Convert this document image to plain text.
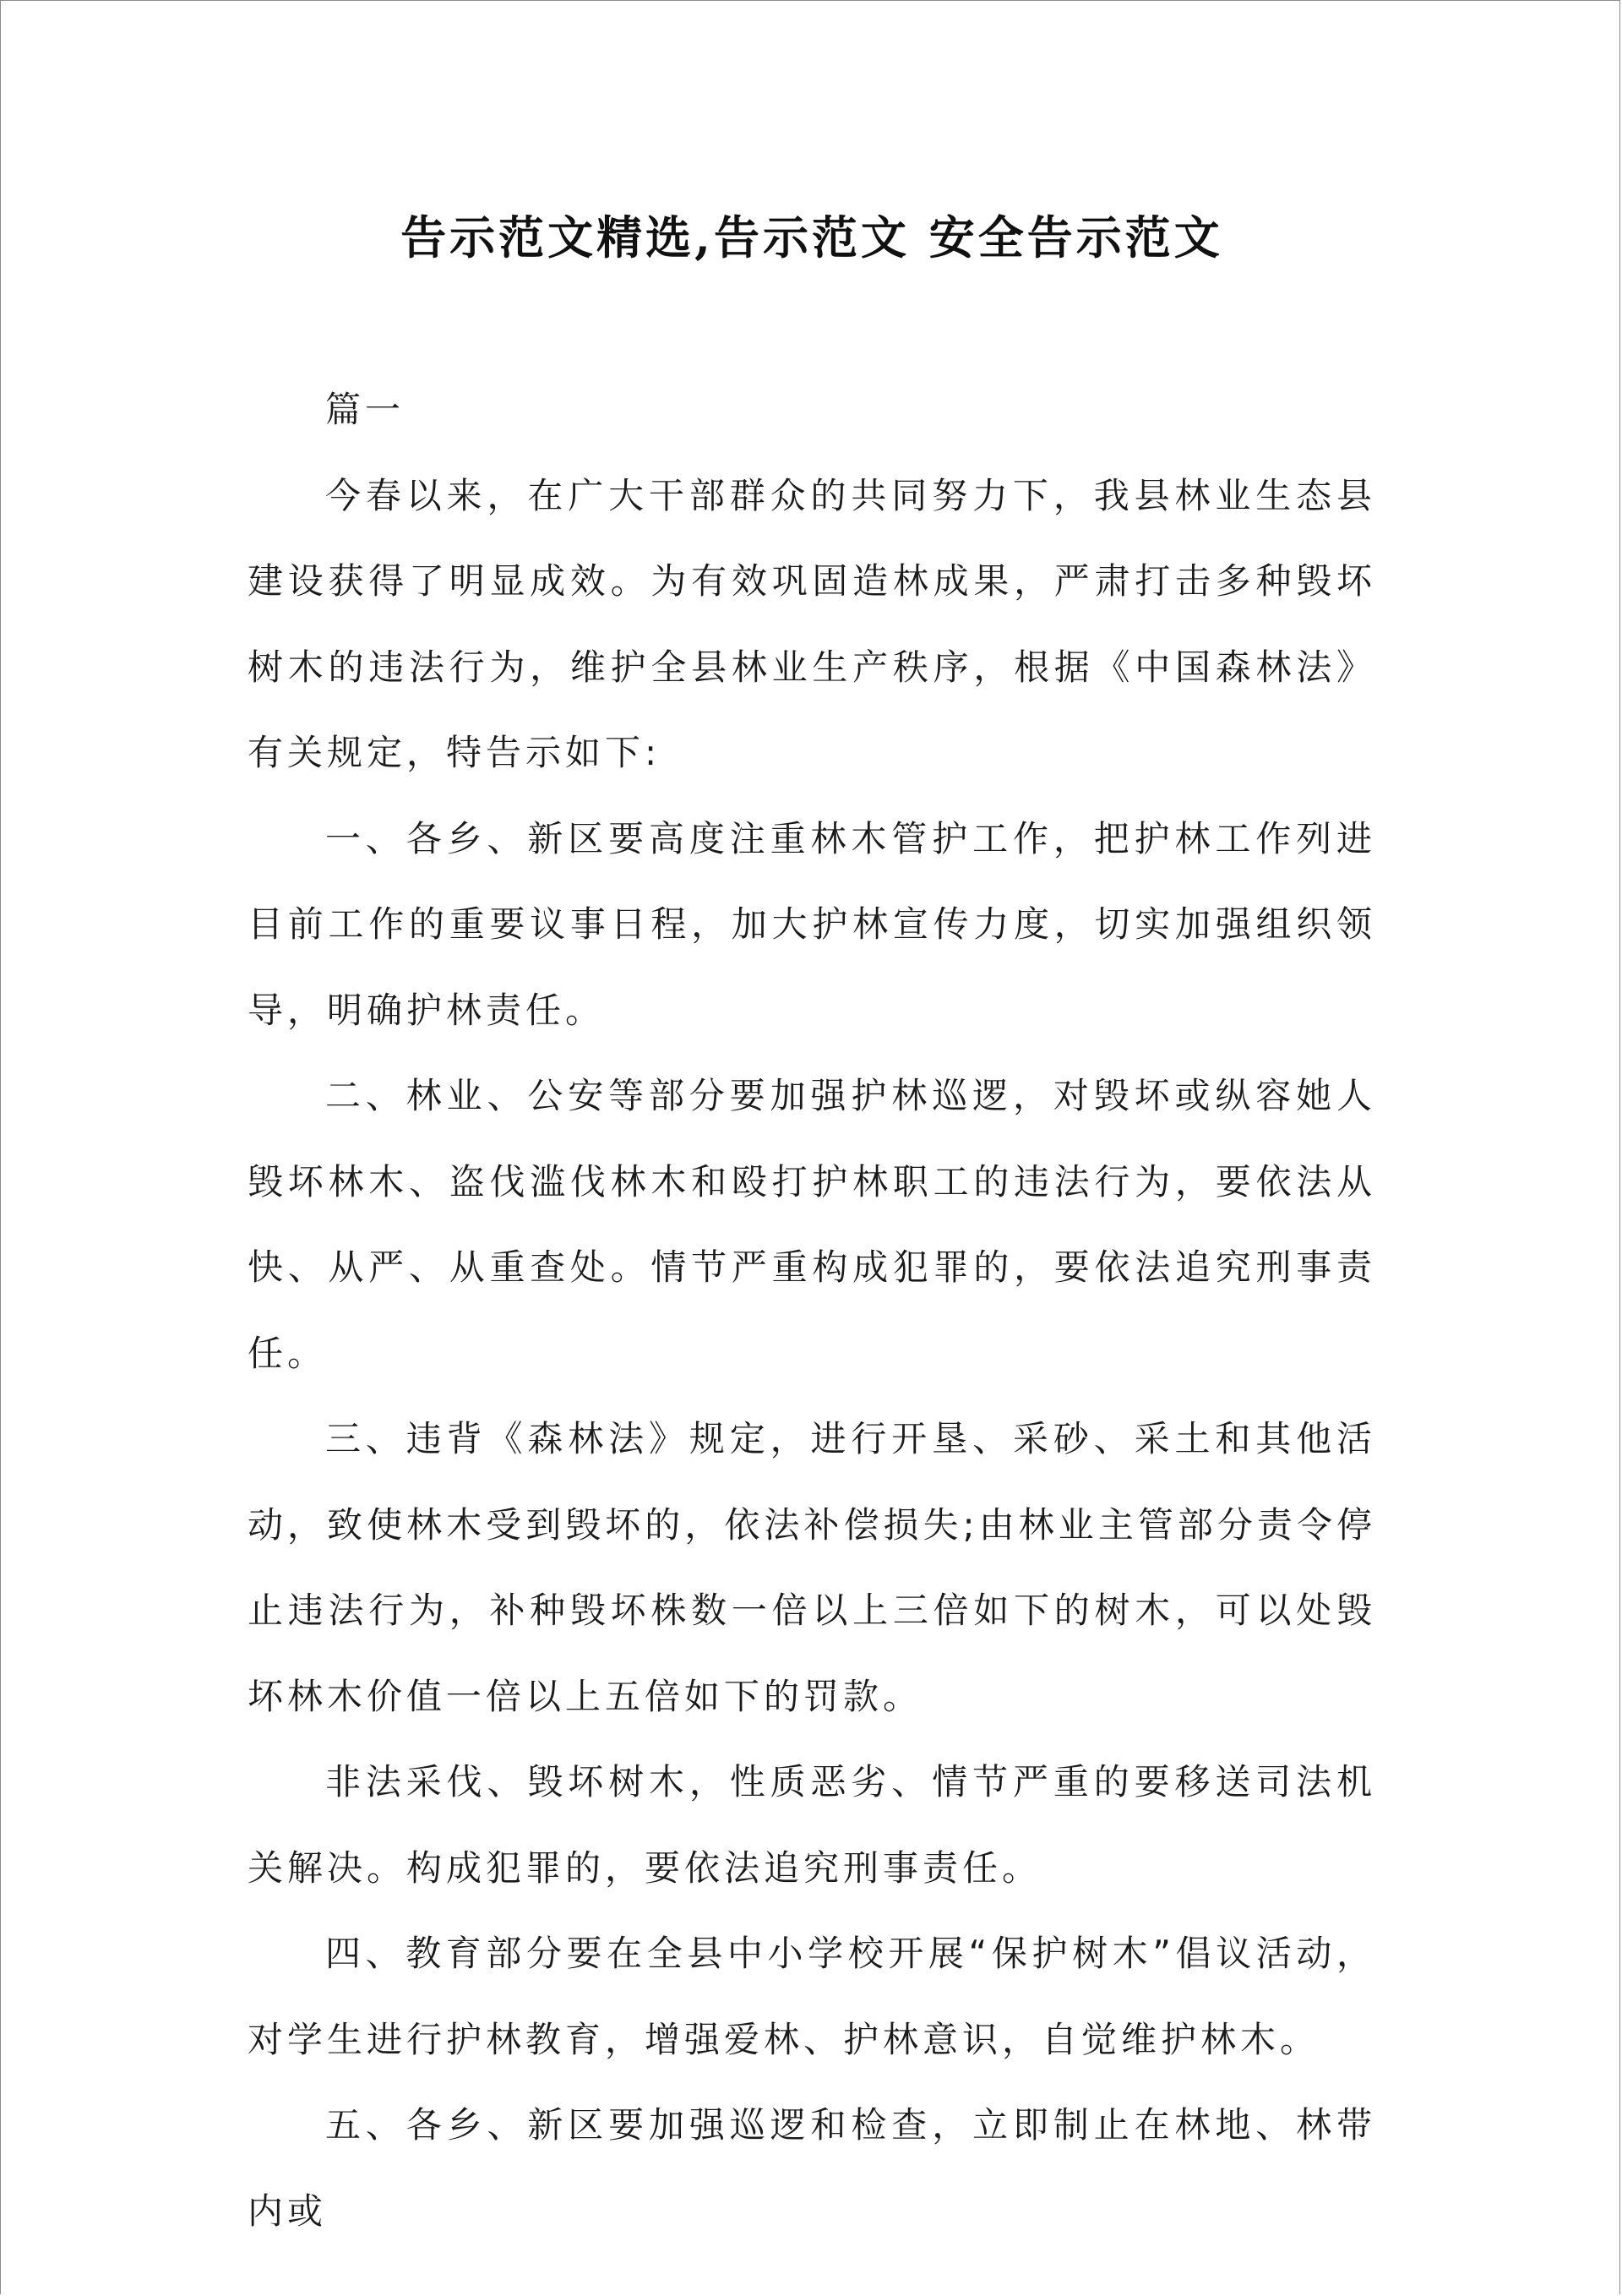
告示范文精选,告示范文 安全告示范文

篇一

今春以来，在广大干部群众的共同努力下，我县林业生态县建设获得了明显成效。为有效巩固造林成果，严肃打击多种毁坏树木的违法行为，维护全县林业生产秩序，根据《中国森林法》有关规定，特告示如下:

一、各乡、新区要高度注重林木管护工作，把护林工作列进目前工作的重要议事日程，加大护林宣传力度，切实加强组织领导，明确护林责任。

二、林业、公安等部分要加强护林巡逻，对毁坏或纵容她人毁坏林木、盗伐滥伐林木和殴打护林职工的违法行为，要依法从快、从严、从重查处。情节严重构成犯罪的，要依法追究刑事责任。

三、违背《森林法》规定，进行开垦、采砂、采土和其他活动，致使林木受到毁坏的，依法补偿损失;由林业主管部分责令停止违法行为，补种毁坏株数一倍以上三倍如下的树木，可以处毁坏林木价值一倍以上五倍如下的罚款。

非法采伐、毁坏树木，性质恶劣、情节严重的要移送司法机关解决。构成犯罪的，要依法追究刑事责任。

四、教育部分要在全县中小学校开展“保护树木”倡议活动，对学生进行护林教育，增强爱林、护林意识，自觉维护林木。

五、各乡、新区要加强巡逻和检查，立即制止在林地、林带内或
